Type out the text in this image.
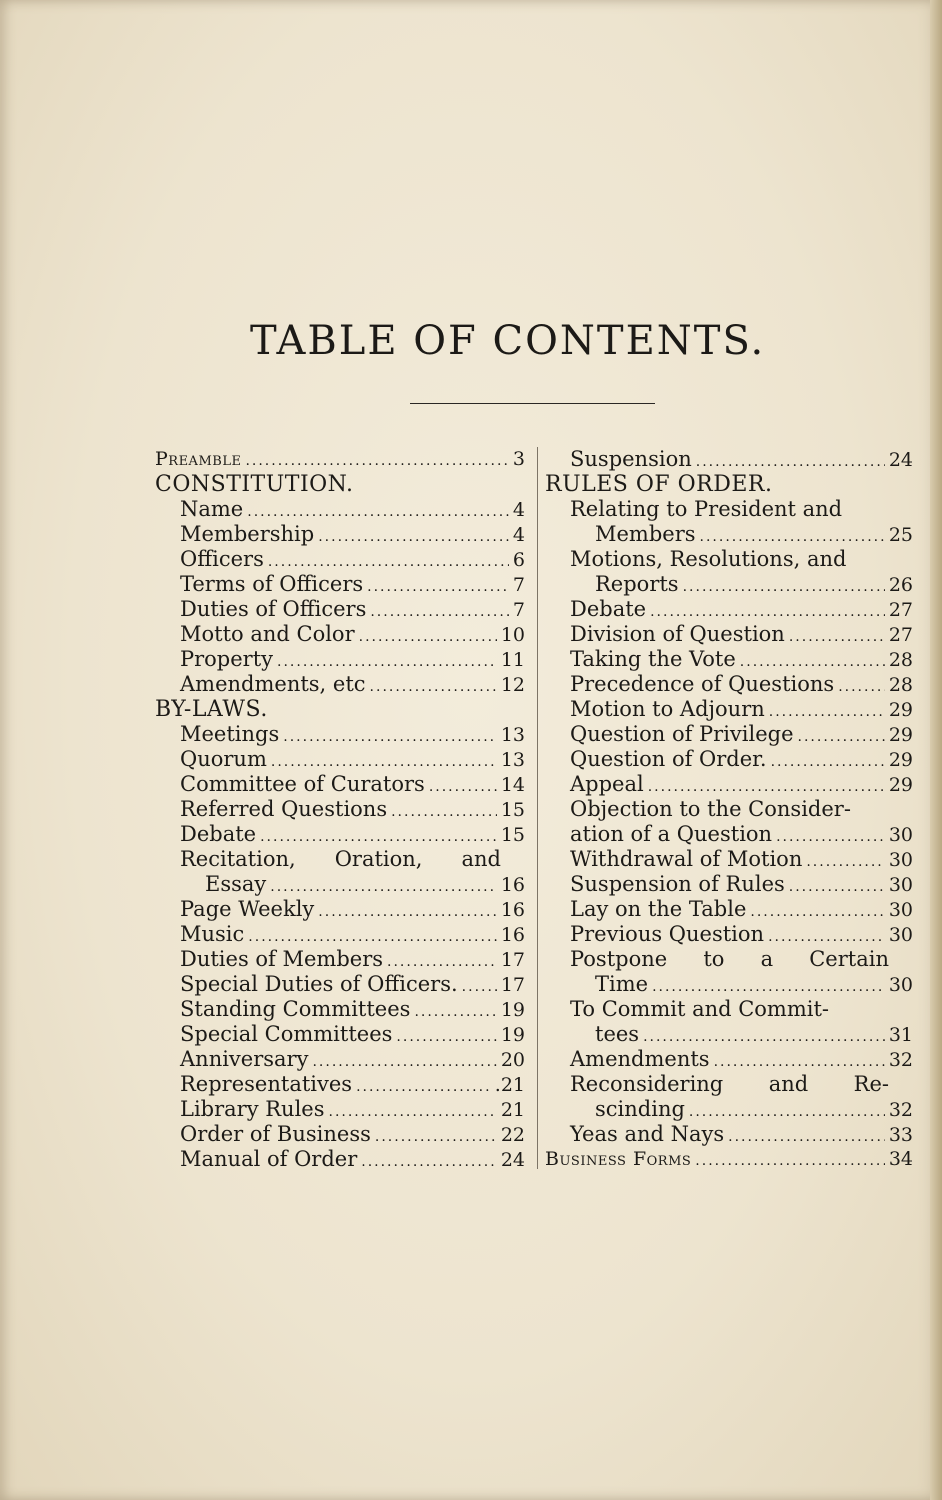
TABLE OF CONTENTS.
Preamble .....	3
CONSTITUTION.
Name .....	4
Membership .....	4
Officers .....	6
Terms of Officers .....	7
Duties of Officers .....	7
Motto and Color .....	10
Property .....	11
Amendments, etc .....	12
BY-LAWS.
Meetings .....	13
Quorum .....	13
Committee of Curators .....	14
Referred Questions .....	15
Debate .....	15
Recitation, Oration, and
Essay .....	16
Page Weekly .....	16
Music .....	16
Duties of Members .....	17
Special Duties of Officers. ..... 17
Standing Committees .....	19
Special Committees .....	19
Anniversary .....	20
Representatives .....	.21
Library Rules .....	21
Order of Business .....	22
Manual of Order .....	24
Suspension .....	24
RULES OF ORDER.
Relating to President and
Members .....	25
Motions, Resolutions, and
Reports .....	26
Debate .....	27
Division of Question .....	27
Taking the Vote .....	28
Precedence of Questions .....	28
Motion to Adjourn .....	29
Question of Privilege .....	29
Question of Order. .....	29
Appeal .....	29
Objection to the Consider-
ation of a Question .....	30
Withdrawal of Motion .....	30
Suspension of Rules .....	30
Lay on the Table .....	30
Previous Question .....	30
Postpone to a Certain
Time .....	30
To Commit and Commit-
tees .....	31
Amendments .....	32
Reconsidering and Re-
scinding .....	32
Yeas and Nays .....	33
Business Forms .....	34
